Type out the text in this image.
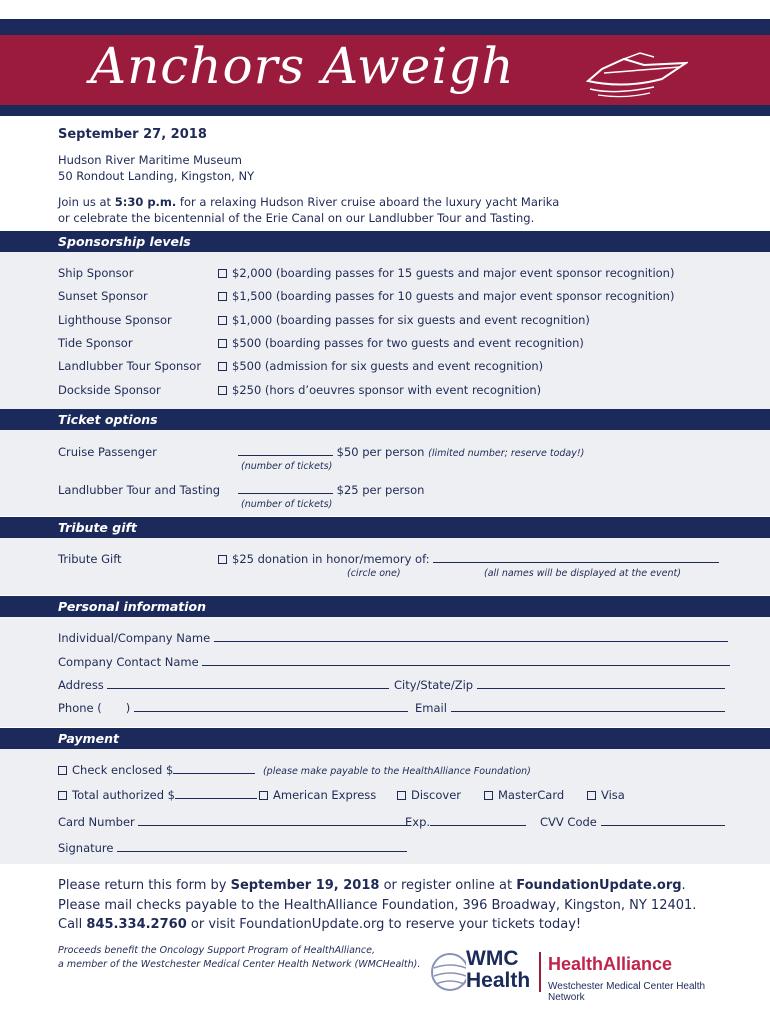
Anchors Aweigh
September 27, 2018
Hudson River Maritime Museum
50 Rondout Landing, Kingston, NY
Join us at 5:30 p.m. for a relaxing Hudson River cruise aboard the luxury yacht Marika
or celebrate the bicentennial of the Erie Canal on our Landlubber Tour and Tasting.
Sponsorship levels
Ship Sponsor	$2,000 (boarding passes for 15 guests and major event sponsor recognition)
Sunset Sponsor	$1,500 (boarding passes for 10 guests and major event sponsor recognition)
Lighthouse Sponsor	$1,000 (boarding passes for six guests and event recognition)
Tide Sponsor	$500 (boarding passes for two guests and event recognition)
Landlubber Tour Sponsor	$500 (admission for six guests and event recognition)
Dockside Sponsor	$250 (hors d’oeuvres sponsor with event recognition)
Ticket options
Cruise Passenger	$50 per person (limited number; reserve today!)
(number of tickets)
Landlubber Tour and Tasting	$25 per person
(number of tickets)
Tribute gift
Tribute Gift	$25 donation in honor/memory of:
(circle one)	(all names will be displayed at the event)
Personal information
Individual/Company Name
Company Contact Name
Address	City/State/Zip
Phone ( )	Email
Payment
Check enclosed $	(please make payable to the HealthAlliance Foundation)
Total authorized $	American Express	Discover	MasterCard	Visa
Card Number	Exp.	CVV Code
Signature
Please return this form by September 19, 2018 or register online at FoundationUpdate.org.
Please mail checks payable to the HealthAlliance Foundation, 396 Broadway, Kingston, NY 12401.
Call 845.334.2760 or visit FoundationUpdate.org to reserve your tickets today!
Proceeds benefit the Oncology Support Program of HealthAlliance,
a member of the Westchester Medical Center Health Network (WMCHealth). WMC
Health
HealthAlliance
Westchester Medical Center Health Network
